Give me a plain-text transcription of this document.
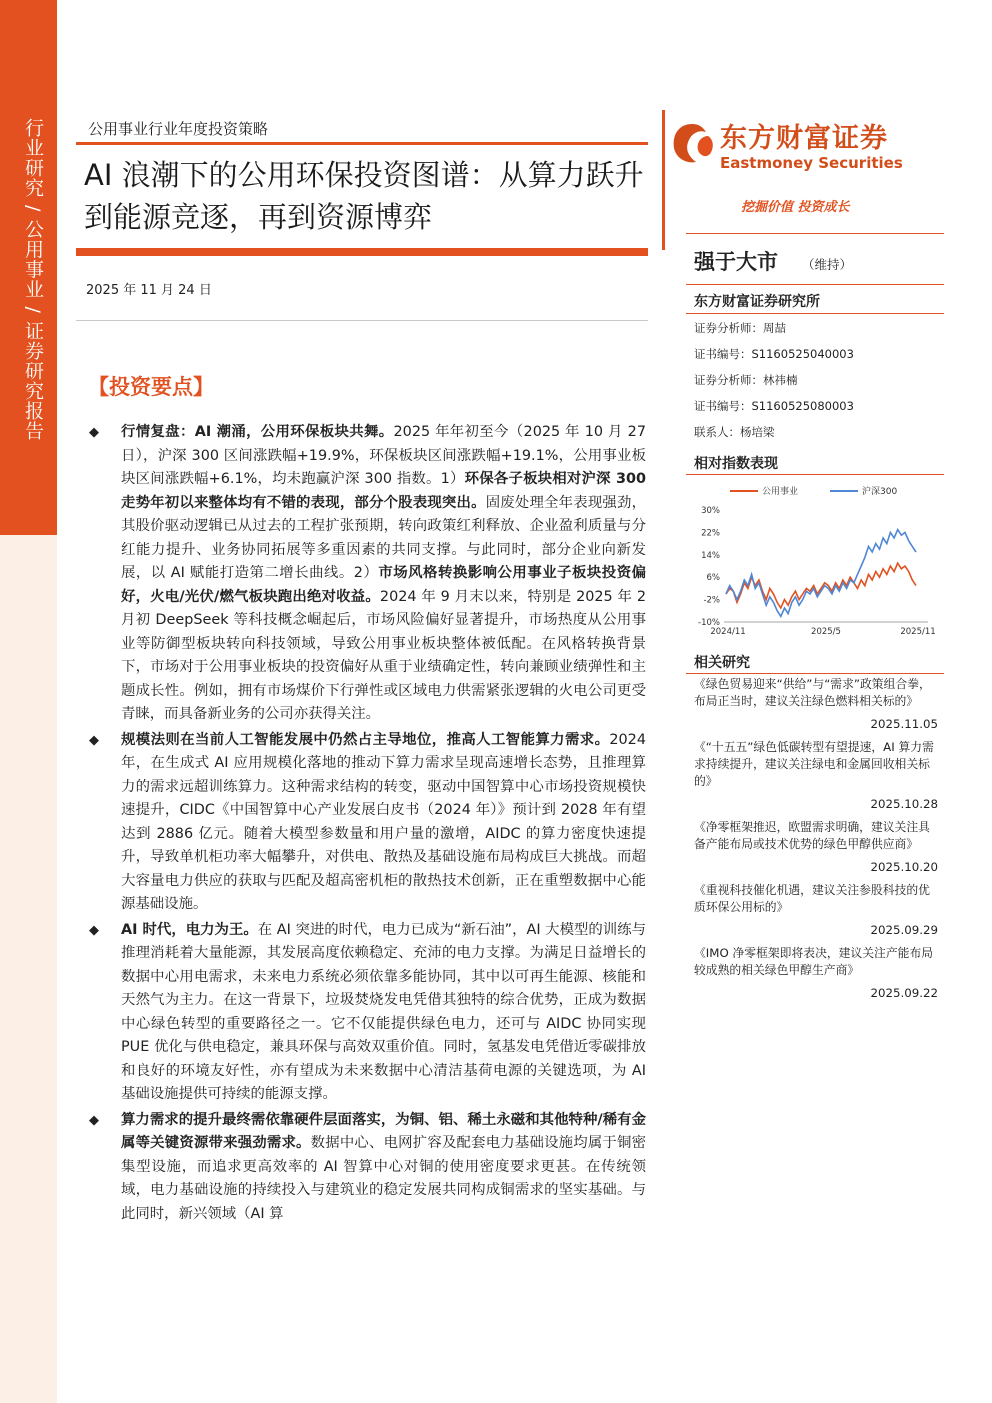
行业研究 / 公用事业 / 证券研究报告	公用事业行业年度投资策略
AI 浪潮下的公用环保投资图谱：从算力跃升到能源竞逐，再到资源博弈
2025 年 11 月 24 日
【投资要点】

◆ 行情复盘：AI 潮涌，公用环保板块共舞。2025 年年初至今（2025 年 10 月 27 日），沪深 300 区间涨跌幅+19.9%，环保板块区间涨跌幅+19.1%，公用事业板块区间涨跌幅+6.1%，均未跑赢沪深 300 指数。1）环保各子板块相对沪深 300 走势年初以来整体均有不错的表现，部分个股表现突出。固废处理全年表现强劲，其股价驱动逻辑已从过去的工程扩张预期，转向政策红利释放、企业盈利质量与分红能力提升、业务协同拓展等多重因素的共同支撑。与此同时，部分企业向新发展，以 AI 赋能打造第二增长曲线。2）市场风格转换影响公用事业子板块投资偏好，火电/光伏/燃气板块跑出绝对收益。2024 年 9 月末以来，特别是 2025 年 2 月初 DeepSeek 等科技概念崛起后，市场风险偏好显著提升，市场热度从公用事业等防御型板块转向科技领域，导致公用事业板块整体被低配。在风格转换背景下，市场对于公用事业板块的投资偏好从重于业绩确定性，转向兼顾业绩弹性和主题成长性。例如，拥有市场煤价下行弹性或区域电力供需紧张逻辑的火电公司更受青睐，而具备新业务的公司亦获得关注。

◆ 规模法则在当前人工智能发展中仍然占主导地位，推高人工智能算力需求。2024 年，在生成式 AI 应用规模化落地的推动下算力需求呈现高速增长态势，且推理算力的需求远超训练算力。这种需求结构的转变，驱动中国智算中心市场投资规模快速提升，CIDC《中国智算中心产业发展白皮书（2024 年）》预计到 2028 年有望达到 2886 亿元。随着大模型参数量和用户量的激增，AIDC 的算力密度快速提升，导致单机柜功率大幅攀升，对供电、散热及基础设施布局构成巨大挑战。而超大容量电力供应的获取与匹配及超高密机柜的散热技术创新，正在重塑数据中心能源基础设施。

◆ AI 时代，电力为王。在 AI 突进的时代，电力已成为“新石油”，AI 大模型的训练与推理消耗着大量能源，其发展高度依赖稳定、充沛的电力支撑。为满足日益增长的数据中心用电需求，未来电力系统必须依靠多能协同，其中以可再生能源、核能和天然气为主力。在这一背景下，垃圾焚烧发电凭借其独特的综合优势，正成为数据中心绿色转型的重要路径之一。它不仅能提供绿色电力，还可与 AIDC 协同实现 PUE 优化与供电稳定，兼具环保与高效双重价值。同时，氢基发电凭借近零碳排放和良好的环境友好性，亦有望成为未来数据中心清洁基荷电源的关键选项，为 AI 基础设施提供可持续的能源支撑。

◆ 算力需求的提升最终需依靠硬件层面落实，为铜、铝、稀土永磁和其他特种/稀有金属等关键资源带来强劲需求。数据中心、电网扩容及配套电力基础设施均属于铜密集型设施，而追求更高效率的 AI 智算中心对铜的使用密度要求更甚。在传统领域，电力基础设施的持续投入与建筑业的稳定发展共同构成铜需求的坚实基础。与此同时，新兴领域（AI 算

东方财富证券
Eastmoney Securities
挖掘价值 投资成长
强于大市 （维持）
东方财富证券研究所
证券分析师：周喆
证书编号：S1160525040003
证券分析师：林祎楠
证书编号：S1160525080003
联系人：杨培梁
相对指数表现
30%
22%
14%
6%
-2%
-10%
2024/11	2025/5	2025/11
公用事业	沪深300
相关研究
《绿色贸易迎来“供给”与“需求”政策组合拳，布局正当时，建议关注绿色燃料相关标的》
2025.11.05
《“十五五”绿色低碳转型有望提速，AI 算力需求持续提升，建议关注绿电和金属回收相关标的》
2025.10.28
《净零框架推迟，欧盟需求明确，建议关注具备产能布局或技术优势的绿色甲醇供应商》
2025.10.20
《重视科技催化机遇，建议关注参股科技的优质环保公用标的》
2025.09.29
《IMO 净零框架即将表决，建议关注产能布局较成熟的相关绿色甲醇生产商》
2025.09.22
